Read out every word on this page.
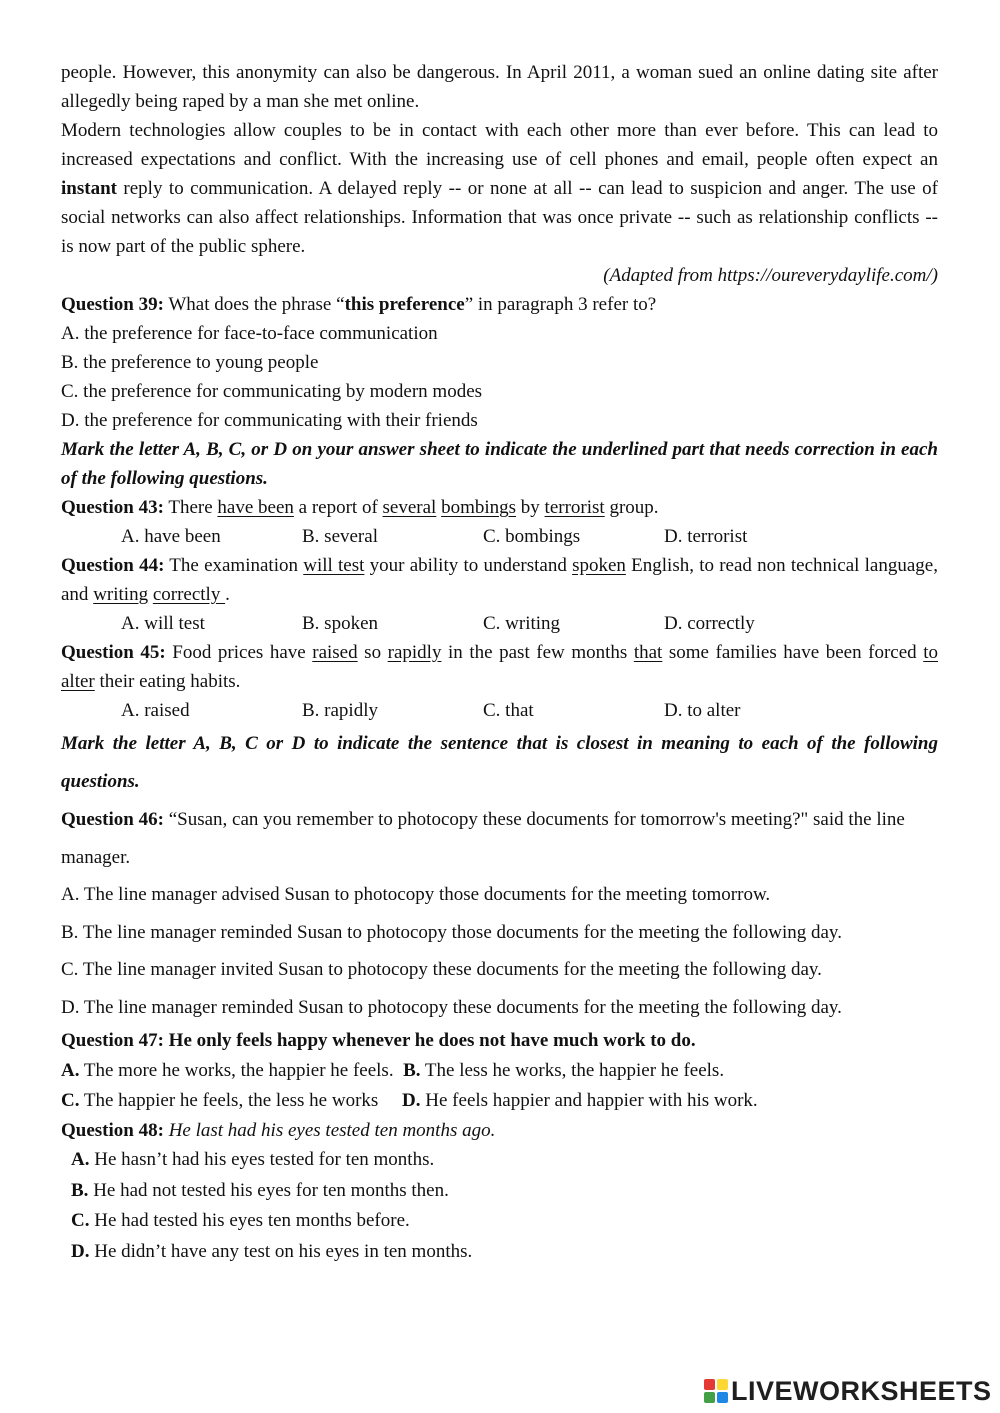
people. However, this anonymity can also be dangerous. In April 2011, a woman sued an online dating site after allegedly being raped by a man she met online.

Modern technologies allow couples to be in contact with each other more than ever before. This can lead to increased expectations and conflict. With the increasing use of cell phones and email, people often expect an instant reply to communication. A delayed reply -- or none at all -- can lead to suspicion and anger. The use of social networks can also affect relationships. Information that was once private -- such as relationship conflicts -- is now part of the public sphere.

(Adapted from https://oureverydaylife.com/)

Question 39: What does the phrase “this preference” in paragraph 3 refer to?

A. the preference for face-to-face communication

B. the preference to young people

C. the preference for communicating by modern modes

D. the preference for communicating with their friends

Mark the letter A, B, C, or D on your answer sheet to indicate the underlined part that needs correction in each of the following questions.

Question 43: There have been a report of several bombings by terrorist group.

A. have been	B. several	C. bombings	D. terrorist

Question 44: The examination will test your ability to understand spoken English, to read non technical language, and writing correctly .

A. will test	B. spoken	C. writing	D. correctly

Question 45: Food prices have raised so rapidly in the past few months that some families have been forced to alter their eating habits.

A. raised	B. rapidly	C. that	D. to alter

Mark the letter A, B, C or D to indicate the sentence that is closest in meaning to each of the following questions.

Question 46: “Susan, can you remember to photocopy these documents for tomorrow's meeting?" said the line manager.

A. The line manager advised Susan to photocopy those documents for the meeting tomorrow.

B. The line manager reminded Susan to photocopy those documents for the meeting the following day.

C. The line manager invited Susan to photocopy these documents for the meeting the following day.

D. The line manager reminded Susan to photocopy these documents for the meeting the following day.

Question 47: He only feels happy whenever he does not have much work to do.

A. The more he works, the happier he feels. B. The less he works, the happier he feels.

C. The happier he feels, the less he works D. He feels happier and happier with his work.

Question 48: He last had his eyes tested ten months ago.

A. He hasn’t had his eyes tested for ten months.

B. He had not tested his eyes for ten months then.

C. He had tested his eyes ten months before.

D. He didn’t have any test on his eyes in ten months.

LIVEWORKSHEETS
